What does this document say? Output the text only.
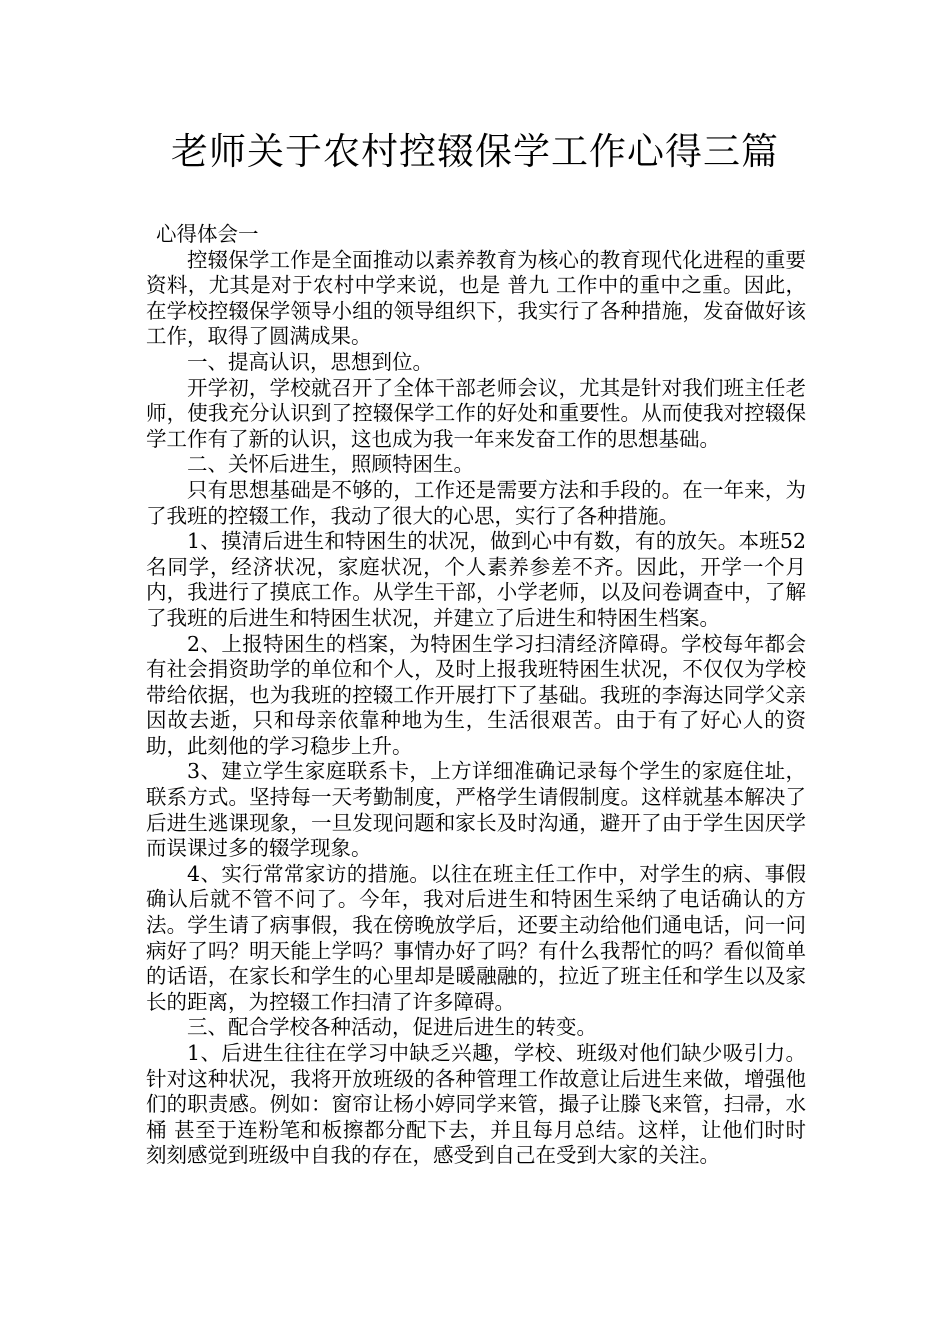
老师关于农村控辍保学工作心得三篇

心得体会一

控辍保学工作是全面推动以素养教育为核心的教育现代化进程的重要资料，尤其是对于农村中学来说，也是 普九 工作中的重中之重。因此，在学校控辍保学领导小组的领导组织下，我实行了各种措施，发奋做好该工作，取得了圆满成果。

一、提高认识，思想到位。

开学初，学校就召开了全体干部老师会议，尤其是针对我们班主任老师，使我充分认识到了控辍保学工作的好处和重要性。从而使我对控辍保学工作有了新的认识，这也成为我一年来发奋工作的思想基础。

二、关怀后进生，照顾特困生。

只有思想基础是不够的，工作还是需要方法和手段的。在一年来，为了我班的控辍工作，我动了很大的心思，实行了各种措施。

1、摸清后进生和特困生的状况，做到心中有数，有的放矢。本班52名同学，经济状况，家庭状况，个人素养参差不齐。因此，开学一个月内，我进行了摸底工作。从学生干部，小学老师，以及问卷调查中，了解了我班的后进生和特困生状况，并建立了后进生和特困生档案。

2、上报特困生的档案，为特困生学习扫清经济障碍。学校每年都会有社会捐资助学的单位和个人，及时上报我班特困生状况，不仅仅为学校带给依据，也为我班的控辍工作开展打下了基础。我班的李海达同学父亲因故去逝，只和母亲依靠种地为生，生活很艰苦。由于有了好心人的资助，此刻他的学习稳步上升。

3、建立学生家庭联系卡，上方详细准确记录每个学生的家庭住址，联系方式。坚持每一天考勤制度，严格学生请假制度。这样就基本解决了后进生逃课现象，一旦发现问题和家长及时沟通，避开了由于学生因厌学而误课过多的辍学现象。

4、实行常常家访的措施。以往在班主任工作中，对学生的病、事假确认后就不管不问了。今年，我对后进生和特困生采纳了电话确认的方法。学生请了病事假，我在傍晚放学后，还要主动给他们通电话，问一问 病好了吗？明天能上学吗？事情办好了吗？有什么我帮忙的吗？看似简单的话语，在家长和学生的心里却是暖融融的，拉近了班主任和学生以及家长的距离，为控辍工作扫清了许多障碍。

三、配合学校各种活动，促进后进生的转变。

1、后进生往往在学习中缺乏兴趣，学校、班级对他们缺少吸引力。针对这种状况，我将开放班级的各种管理工作故意让后进生来做，增强他们的职责感。例如：窗帘让杨小婷同学来管，撮子让滕飞来管，扫帚，水桶 甚至于连粉笔和板擦都分配下去，并且每月总结。这样，让他们时时刻刻感觉到班级中自我的存在，感受到自己在受到大家的关注。
